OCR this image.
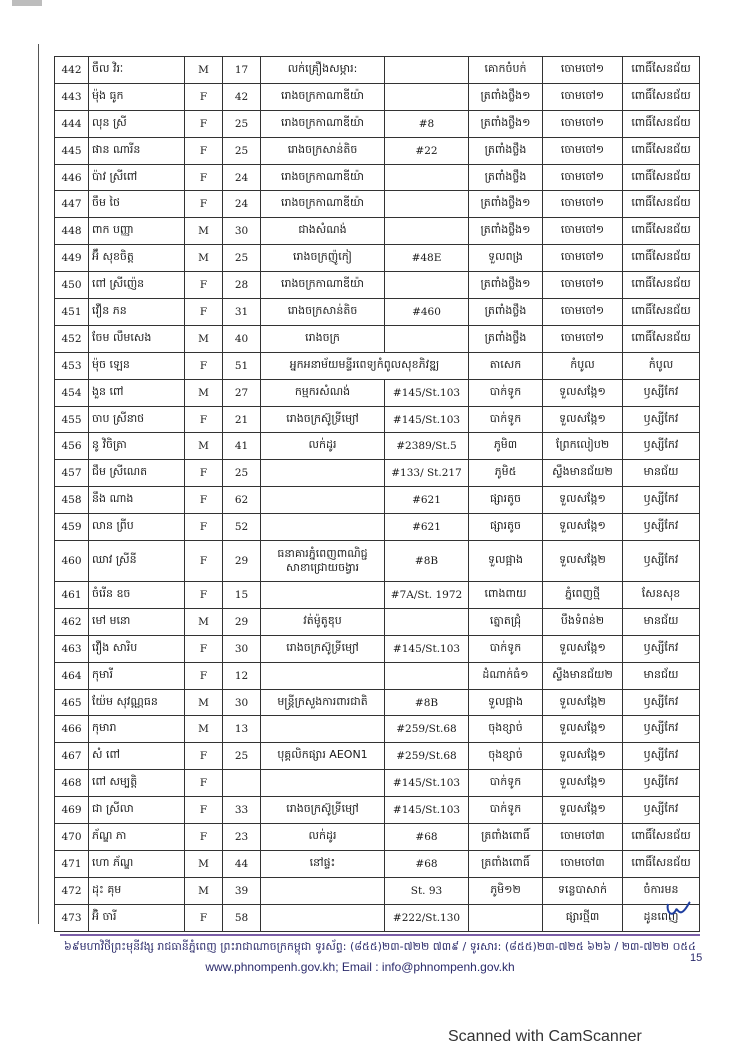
442	ចឹល វិរៈ	M	17	លក់គ្រឿងសម្ភារ:		គោកចំបក់	ចោមចៅ១	ពោធិ៍សែនជ័យ
443	ម៉ុង ធូក	F	42	រោងចក្រកាណាឌីយ៉ា		ត្រពាំងថ្លឹង១	ចោមចៅ១	ពោធិ៍សែនជ័យ
444	លុន ស្រី	F	25	រោងចក្រកាណាឌីយ៉ា	#8	ត្រពាំងថ្លឹង១	ចោមចៅ១	ពោធិ៍សែនជ័យ
445	ផាន ណារីន	F	25	រោងចក្រសាន់តិច	#22	ត្រពាំងថ្លឹង	ចោមចៅ១	ពោធិ៍សែនជ័យ
446	ប៉ាវ ស្រីពៅ	F	24	រោងចក្រកាណាឌីយ៉ា		ត្រពាំងថ្លឹង	ចោមចៅ១	ពោធិ៍សែនជ័យ
447	ចឹម ថៃ	F	24	រោងចក្រកាណាឌីយ៉ា		ត្រពាំងថ្លឹង១	ចោមចៅ១	ពោធិ៍សែនជ័យ
448	ពាក បញ្ញា	M	30	ជាងសំណង់		ត្រពាំងថ្លឹង១	ចោមចៅ១	ពោធិ៍សែនជ័យ
449	អ៊ឹ សុខចិត្ត	M	25	រោងចក្រញ៉ូកៀ	#48E	ទួលពង្រ	ចោមចៅ១	ពោធិ៍សែនជ័យ
450	ពៅ ស្រីញ៉េន	F	28	រោងចក្រកាណាឌីយ៉ា		ត្រពាំងថ្លឹង១	ចោមចៅ១	ពោធិ៍សែនជ័យ
451	វឿន ភន	F	31	រោងចក្រសាន់តិច	#460	ត្រពាំងថ្លឹង	ចោមចៅ១	ពោធិ៍សែនជ័យ
452	ចែម លឹមសេង	M	40	រោងចក្រ		ត្រពាំងថ្លឹង	ចោមចៅ១	ពោធិ៍សែនជ័យ
453	ម៉ុច ឡេន	F	51	អ្នកអនាម័យមន្ទីរពេទ្យកំពូលសុខភិវឌ្ឍ		តាសេក	កំបូល	កំបូល
454	ងួន ពៅ	M	27	កម្មករសំណង់	#145/St.103	បាក់ទូក	ទួលសង្កែ១	ឫស្សីកែវ
455	ចាប ស្រីនាថ	F	21	រោងចក្រស៊ូទ្រីម្យៅ	#145/St.103	បាក់ទូក	ទួលសង្កែ១	ឫស្សីកែវ
456	នូ វិចិត្រា	M	41	លក់ដូរ	#2389/St.5	ភូមិ៣	ព្រែកលៀប២	ឫស្សីកែវ
457	ជឹម ស្រីណេត	F	25		#133/ St.217	ភូមិ៥	ស្ទឹងមានជ័យ២	មានជ័យ
458	នឹង ណាង	F	62		#621	ផ្សារតូច	ទួលសង្កែ១	ឫស្សីកែវ
459	លាន ព្រីប	F	52		#621	ផ្សារតូច	ទួលសង្កែ១	ឫស្សីកែវ
460	ឈាវ ស្រីនី	F	29	ធនាគារភ្នំពេញពាណិជ្ជ សាខាជ្រោយចង្វារ	#8B	ទួលផ្អាង	ទួលសង្កែ២	ឫស្សីកែវ
461	ចំរើន ឧច	F	15		#7A/St. 1972	ពោងពាយ	ភ្នំពេញថ្មី	សែនសុខ
462	មៅ មនោ	M	29	វត់ម៉ូតូឌុប		ត្នោតជ្រុំ	បឹងទំពន់២	មានជ័យ
463	វឿង សារិប	F	30	រោងចក្រស៊ូទ្រីម្យៅ	#145/St.103	បាក់ទូក	ទួលសង្កែ១	ឫស្សីកែវ
464	កុមារី	F	12			ដំណាក់ធំ១	ស្ទឹងមានជ័យ២	មានជ័យ
465	យ៉ែម សុវណ្ណធន	M	30	មន្ត្រីក្រសួងការពារជាតិ	#8B	ទួលផ្អាង	ទួលសង្កែ២	ឫស្សីកែវ
466	កុមារា	M	13		#259/St.68	ចុងខ្សាច់	ទួលសង្កែ១	ឫស្សីកែវ
467	សំ ពៅ	F	25	បុគ្គលិកផ្សារ AEON1	#259/St.68	ចុងខ្សាច់	ទួលសង្កែ១	ឫស្សីកែវ
468	ពៅ សម្បត្តិ	F			#145/St.103	បាក់ទូក	ទួលសង្កែ១	ឫស្សីកែវ
469	ជា ស្រីលា	F	33	រោងចក្រស៊ូទ្រីម្យៅ	#145/St.103	បាក់ទូក	ទួលសង្កែ១	ឫស្សីកែវ
470	ភ័ណ្ឌ ភា	F	23	លក់ដូរ	#68	ត្រពាំងពោធិ៍	ចោមចៅ៣	ពោធិ៍សែនជ័យ
471	ហោ ភ័ណ្ឌ	M	44	នៅផ្ទះ	#68	ត្រពាំងពោធិ៍	ចោមចៅ៣	ពោធិ៍សែនជ័យ
472	ដុះ គុម	M	39		St. 93	ភូមិ១២	ទន្លេបាសាក់	ចំការមន
473	អ៊ិ ចារី	F	58		#222/St.130		ផ្សារថ្មី៣	ដូនពេញ
៦៩មហាវិថីព្រះមុនីវង្ស រាជធានីភ្នំពេញ ព្រះរាជាណាចក្រកម្ពុជា ទូរស័ព្ទ: (៨៥៥)២៣-៧២២ ៧៣៩ / ទូរសារ: (៨៥៥)២៣-៧២៥ ៦២៦ / ២៣-៧២២ ០៥៤
www.phnompenh.gov.kh; Email : info@phnompenh.gov.kh
15
Scanned with CamScanner
